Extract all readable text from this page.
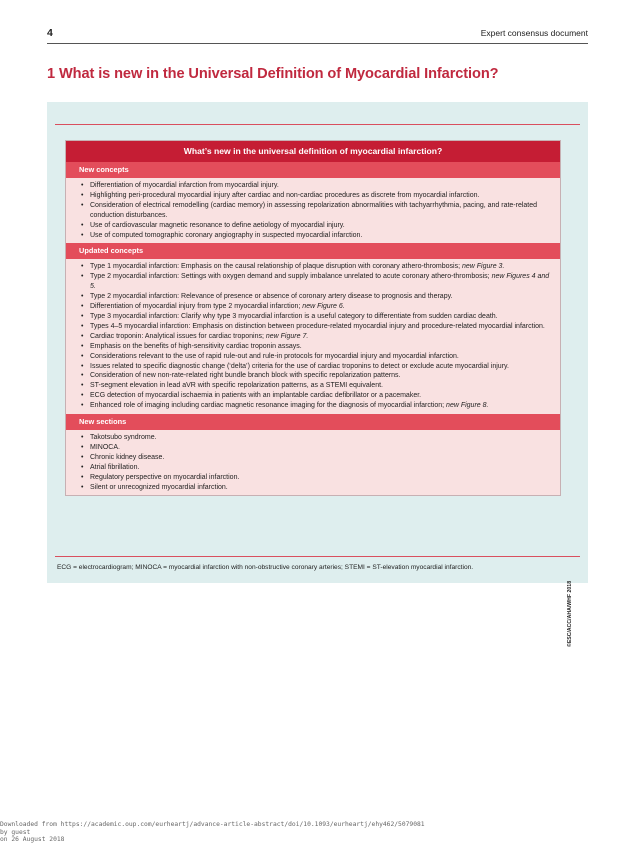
4	Expert consensus document
1 What is new in the Universal Definition of Myocardial Infarction?
What’s new in the universal definition of myocardial infarction?
New concepts
• Differentiation of myocardial infarction from myocardial injury.
• Highlighting peri-procedural myocardial injury after cardiac and non-cardiac procedures as discrete from myocardial infarction.
• Consideration of electrical remodelling (cardiac memory) in assessing repolarization abnormalities with tachyarrhythmia, pacing, and rate-related conduction disturbances.
• Use of cardiovascular magnetic resonance to define aetiology of myocardial injury.
• Use of computed tomographic coronary angiography in suspected myocardial infarction.
Updated concepts
• Type 1 myocardial infarction: Emphasis on the causal relationship of plaque disruption with coronary athero-thrombosis; new Figure 3.
• Type 2 myocardial infarction: Settings with oxygen demand and supply imbalance unrelated to acute coronary athero-thrombosis; new Figures 4 and 5.
• Type 2 myocardial infarction: Relevance of presence or absence of coronary artery disease to prognosis and therapy.
• Differentiation of myocardial injury from type 2 myocardial infarction; new Figure 6.
• Type 3 myocardial infarction: Clarify why type 3 myocardial infarction is a useful category to differentiate from sudden cardiac death.
• Types 4–5 myocardial infarction: Emphasis on distinction between procedure-related myocardial injury and procedure-related myocardial infarction.
• Cardiac troponin: Analytical issues for cardiac troponins; new Figure 7.
• Emphasis on the benefits of high-sensitivity cardiac troponin assays.
• Considerations relevant to the use of rapid rule-out and rule-in protocols for myocardial injury and myocardial infarction.
• Issues related to specific diagnostic change (‘delta’) criteria for the use of cardiac troponins to detect or exclude acute myocardial injury.
• Consideration of new non-rate-related right bundle branch block with specific repolarization patterns.
• ST-segment elevation in lead aVR with specific repolarization patterns, as a STEMI equivalent.
• ECG detection of myocardial ischaemia in patients with an implantable cardiac defibrillator or a pacemaker.
• Enhanced role of imaging including cardiac magnetic resonance imaging for the diagnosis of myocardial infarction; new Figure 8.
New sections
• Takotsubo syndrome.
• MINOCA.
• Chronic kidney disease.
• Atrial fibrillation.
• Regulatory perspective on myocardial infarction.
• Silent or unrecognized myocardial infarction.
©ESC/ACC/AHA/WHF 2018
ECG = electrocardiogram; MINOCA = myocardial infarction with non-obstructive coronary arteries; STEMI = ST-elevation myocardial infarction.
Downloaded from https://academic.oup.com/eurheartj/advance-article-abstract/doi/10.1093/eurheartj/ehy462/5079081
by guest
on 26 August 2018
